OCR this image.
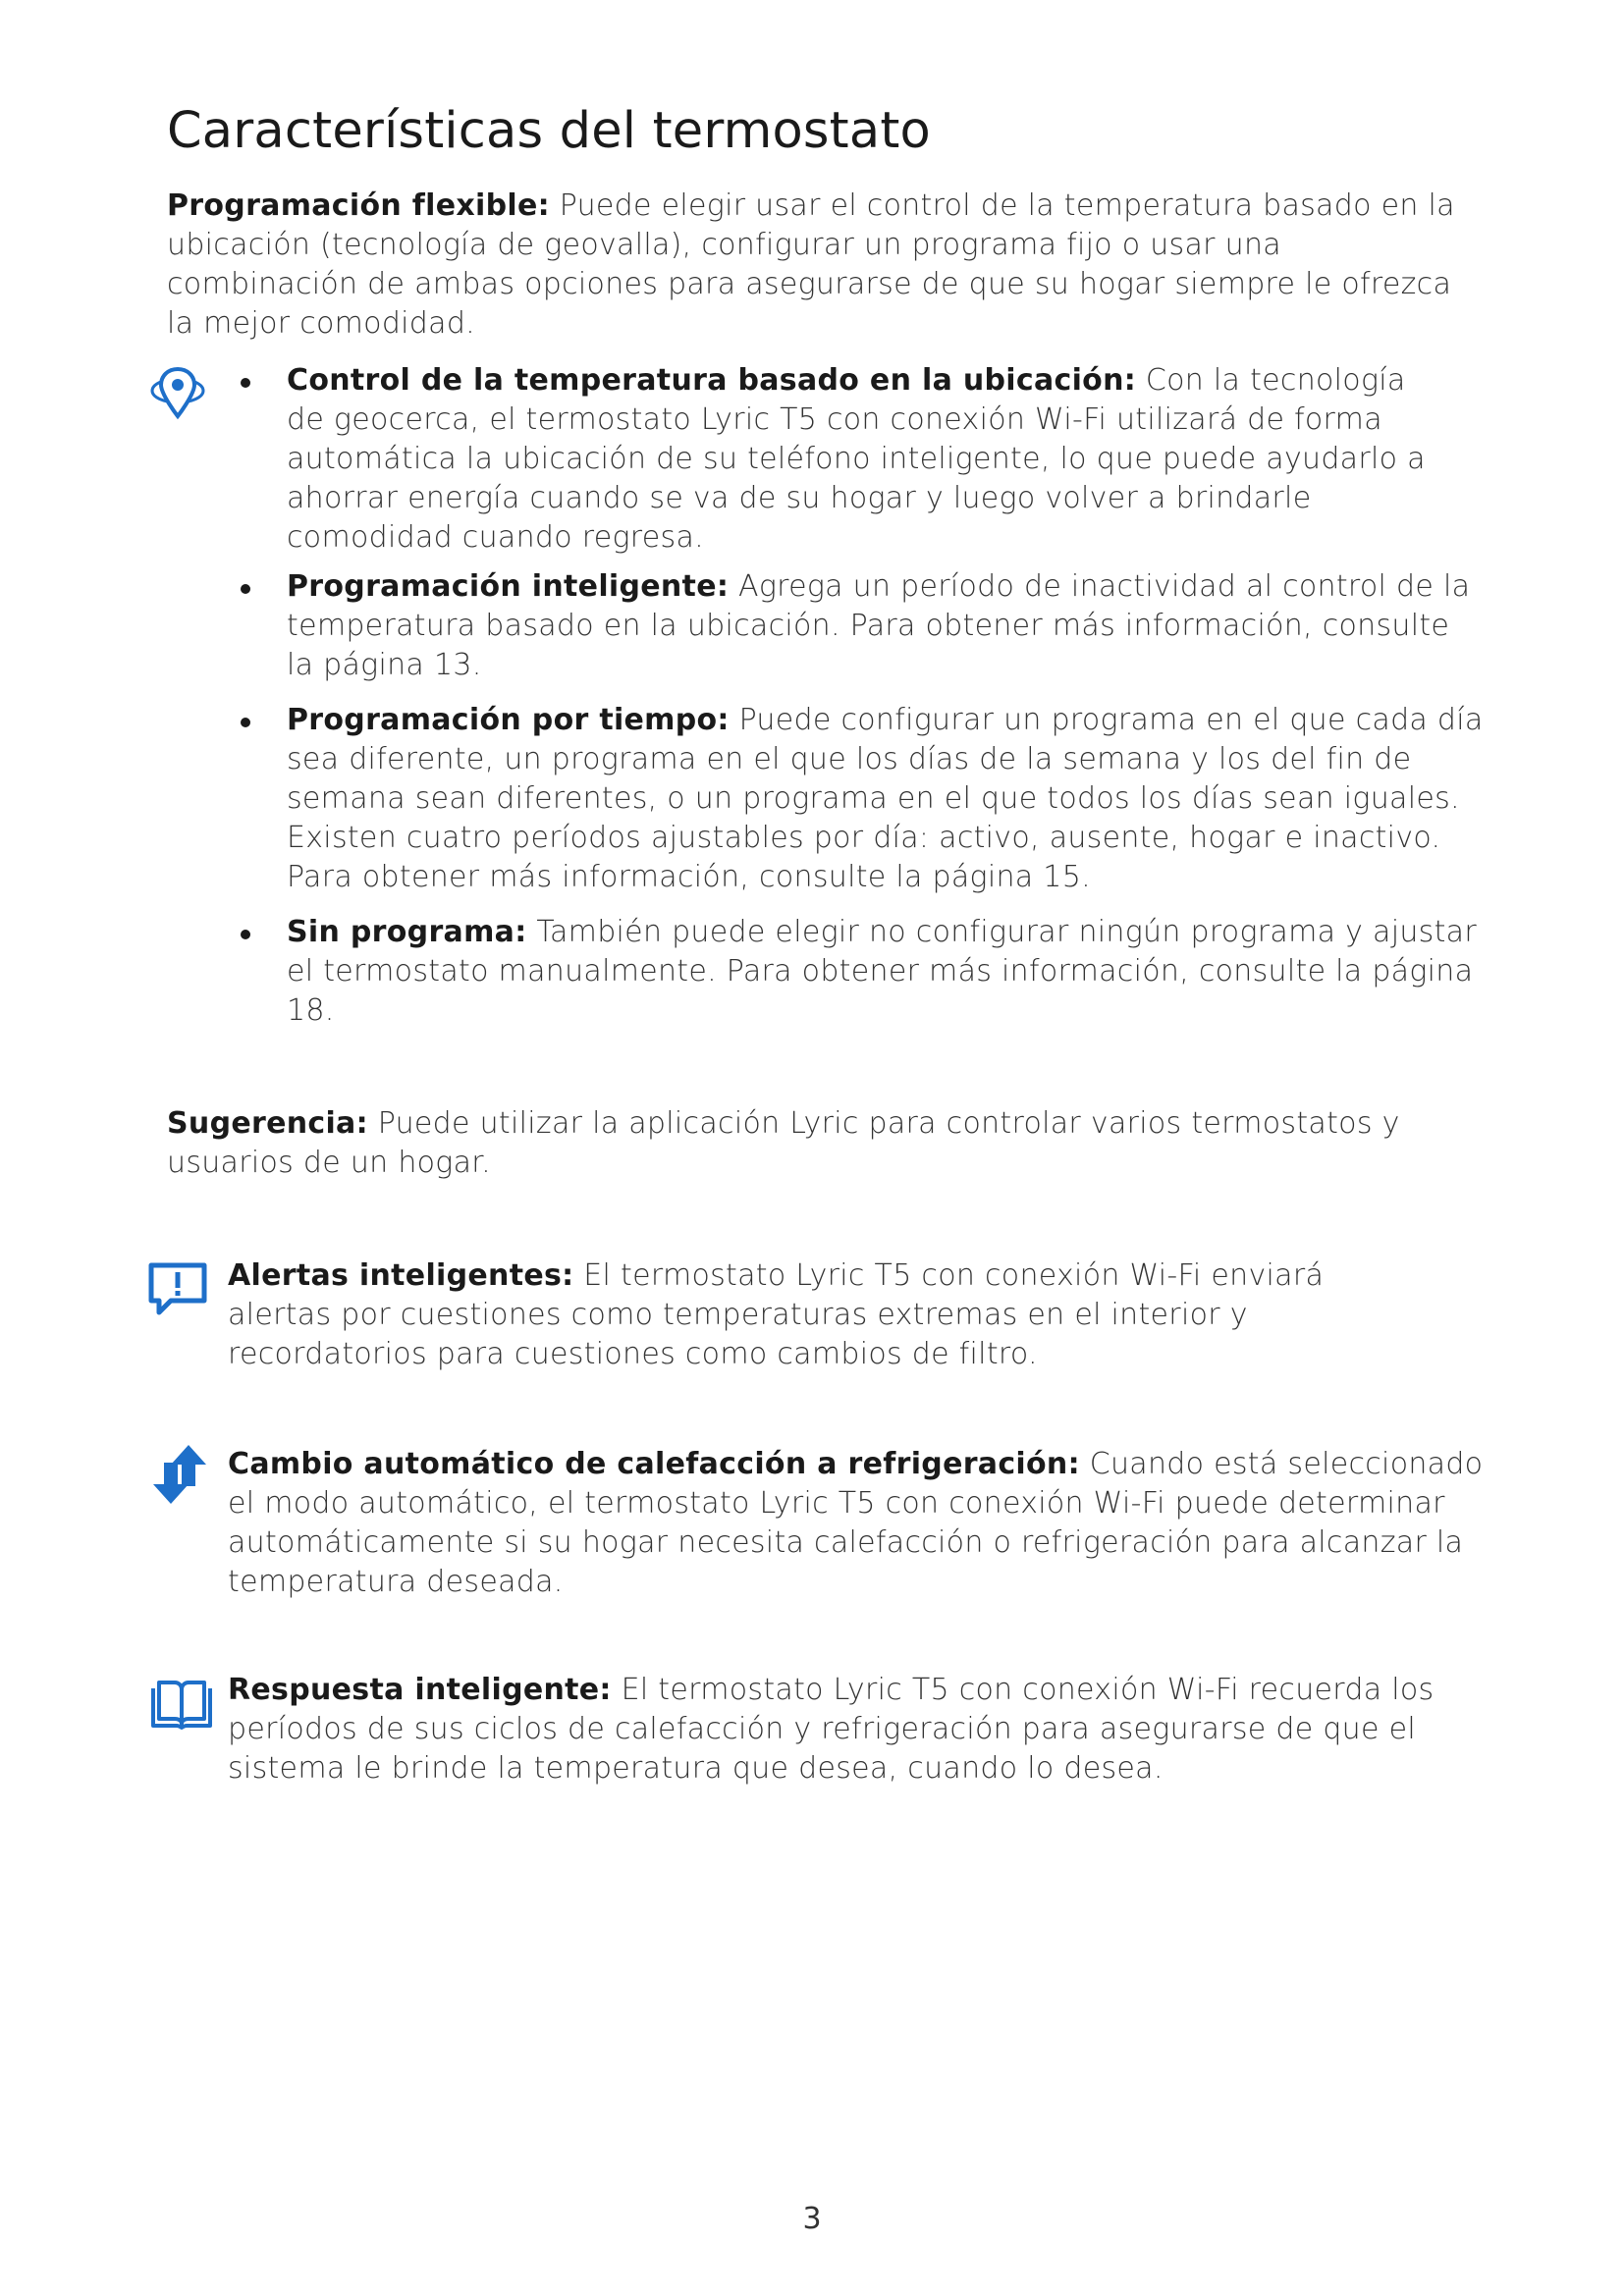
Características del termostato

Programación flexible: Puede elegir usar el control de la temperatura basado en la ubicación (tecnología de geovalla), configurar un programa fijo o usar una combinación de ambas opciones para asegurarse de que su hogar siempre le ofrezca la mejor comodidad.

Control de la temperatura basado en la ubicación: Con la tecnología de geocerca, el termostato Lyric T5 con conexión Wi-Fi utilizará de forma automática la ubicación de su teléfono inteligente, lo que puede ayudarlo a ahorrar energía cuando se va de su hogar y luego volver a brindarle comodidad cuando regresa.

Programación inteligente: Agrega un período de inactividad al control de la temperatura basado en la ubicación. Para obtener más información, consulte la página 13.

Programación por tiempo: Puede configurar un programa en el que cada día sea diferente, un programa en el que los días de la semana y los del fin de semana sean diferentes, o un programa en el que todos los días sean iguales. Existen cuatro períodos ajustables por día: activo, ausente, hogar e inactivo. Para obtener más información, consulte la página 15.

Sin programa: También puede elegir no configurar ningún programa y ajustar el termostato manualmente. Para obtener más información, consulte la página 18.

Sugerencia: Puede utilizar la aplicación Lyric para controlar varios termostatos y usuarios de un hogar.

Alertas inteligentes: El termostato Lyric T5 con conexión Wi-Fi enviará alertas por cuestiones como temperaturas extremas en el interior y recordatorios para cuestiones como cambios de filtro.

Cambio automático de calefacción a refrigeración: Cuando está seleccionado el modo automático, el termostato Lyric T5 con conexión Wi-Fi puede determinar automáticamente si su hogar necesita calefacción o refrigeración para alcanzar la temperatura deseada.

Respuesta inteligente: El termostato Lyric T5 con conexión Wi-Fi recuerda los períodos de sus ciclos de calefacción y refrigeración para asegurarse de que el sistema le brinde la temperatura que desea, cuando lo desea.

3
